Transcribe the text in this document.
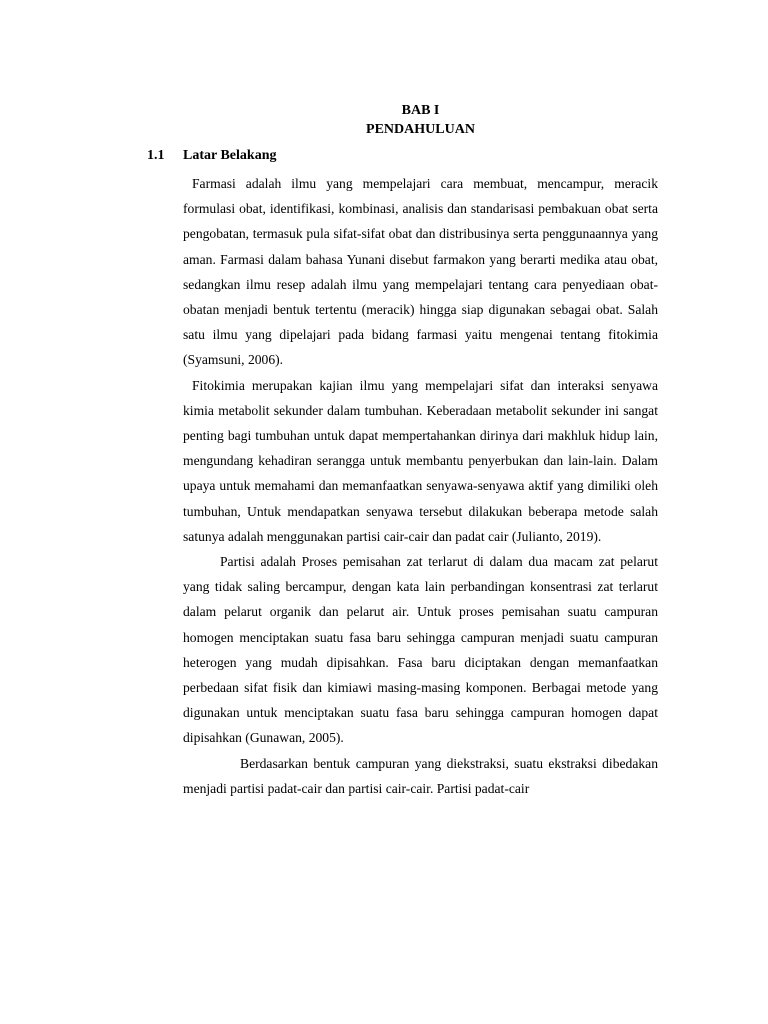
BAB I
PENDAHULUAN
1.1 Latar Belakang

Farmasi adalah ilmu yang mempelajari cara membuat, mencampur, meracik formulasi obat, identifikasi, kombinasi, analisis dan standarisasi pembakuan obat serta pengobatan, termasuk pula sifat-sifat obat dan distribusinya serta penggunaannya yang aman. Farmasi dalam bahasa Yunani disebut farmakon yang berarti medika atau obat, sedangkan ilmu resep adalah ilmu yang mempelajari tentang cara penyediaan obat-obatan menjadi bentuk tertentu (meracik) hingga siap digunakan sebagai obat. Salah satu ilmu yang dipelajari pada bidang farmasi yaitu mengenai tentang fitokimia (Syamsuni, 2006).

Fitokimia merupakan kajian ilmu yang mempelajari sifat dan interaksi senyawa kimia metabolit sekunder dalam tumbuhan. Keberadaan metabolit sekunder ini sangat penting bagi tumbuhan untuk dapat mempertahankan dirinya dari makhluk hidup lain, mengundang kehadiran serangga untuk membantu penyerbukan dan lain-lain. Dalam upaya untuk memahami dan memanfaatkan senyawa-senyawa aktif yang dimiliki oleh tumbuhan, Untuk mendapatkan senyawa tersebut dilakukan beberapa metode salah satunya adalah menggunakan partisi cair-cair dan padat cair (Julianto, 2019).

Partisi adalah Proses pemisahan zat terlarut di dalam dua macam zat pelarut yang tidak saling bercampur, dengan kata lain perbandingan konsentrasi zat terlarut dalam pelarut organik dan pelarut air. Untuk proses pemisahan suatu campuran homogen menciptakan suatu fasa baru sehingga campuran menjadi suatu campuran heterogen yang mudah dipisahkan. Fasa baru diciptakan dengan memanfaatkan perbedaan sifat fisik dan kimiawi masing-masing komponen. Berbagai metode yang digunakan untuk menciptakan suatu fasa baru sehingga campuran homogen dapat dipisahkan (Gunawan, 2005).

Berdasarkan bentuk campuran yang diekstraksi, suatu ekstraksi dibedakan menjadi partisi padat-cair dan partisi cair-cair. Partisi padat-cair
